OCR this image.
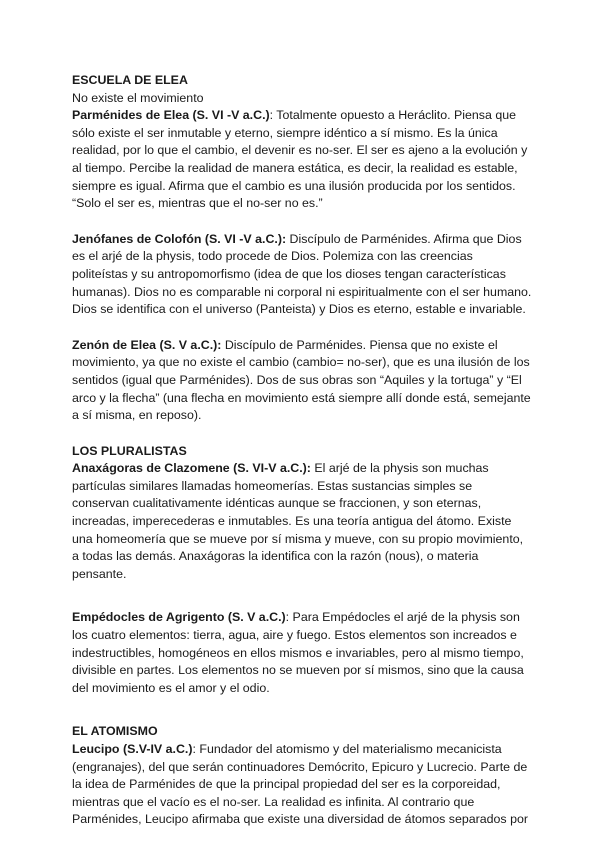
ESCUELA DE ELEA

No existe el movimiento

Parménides de Elea (S. VI -V a.C.): Totalmente opuesto a Heráclito. Piensa que sólo existe el ser inmutable y eterno, siempre idéntico a sí mismo. Es la única realidad, por lo que el cambio, el devenir es no-ser. El ser es ajeno a la evolución y al tiempo. Percibe la realidad de manera estática, es decir, la realidad es estable, siempre es igual. Afirma que el cambio es una ilusión producida por los sentidos. “Solo el ser es, mientras que el no-ser no es.”

Jenófanes de Colofón (S. VI -V a.C.): Discípulo de Parménides. Afirma que Dios es el arjé de la physis, todo procede de Dios. Polemiza con las creencias politeístas y su antropomorfismo (idea de que los dioses tengan características humanas). Dios no es comparable ni corporal ni espiritualmente con el ser humano. Dios se identifica con el universo (Panteista) y Dios es eterno, estable e invariable.

Zenón de Elea (S. V a.C.): Discípulo de Parménides. Piensa que no existe el movimiento, ya que no existe el cambio (cambio= no-ser), que es una ilusión de los sentidos (igual que Parménides). Dos de sus obras son “Aquiles y la tortuga” y “El arco y la flecha” (una flecha en movimiento está siempre allí donde está, semejante a sí misma, en reposo).

LOS PLURALISTAS

Anaxágoras de Clazomene (S. VI-V a.C.): El arjé de la physis son muchas partículas similares llamadas homeomerías. Estas sustancias simples se conservan cualitativamente idénticas aunque se fraccionen, y son eternas, increadas, imperecederas e inmutables. Es una teoría antigua del átomo. Existe una homeomería que se mueve por sí misma y mueve, con su propio movimiento, a todas las demás. Anaxágoras la identifica con la razón (nous), o materia pensante.

Empédocles de Agrigento (S. V a.C.): Para Empédocles el arjé de la physis son los cuatro elementos: tierra, agua, aire y fuego. Estos elementos son increados e indestructibles, homogéneos en ellos mismos e invariables, pero al mismo tiempo, divisible en partes. Los elementos no se mueven por sí mismos, sino que la causa del movimiento es el amor y el odio.

EL ATOMISMO

Leucipo (S.V-IV a.C.): Fundador del atomismo y del materialismo mecanicista (engranajes), del que serán continuadores Demócrito, Epicuro y Lucrecio. Parte de la idea de Parménides de que la principal propiedad del ser es la corporeidad, mientras que el vacío es el no-ser. La realidad es infinita. Al contrario que Parménides, Leucipo afirmaba que existe una diversidad de átomos separados por
